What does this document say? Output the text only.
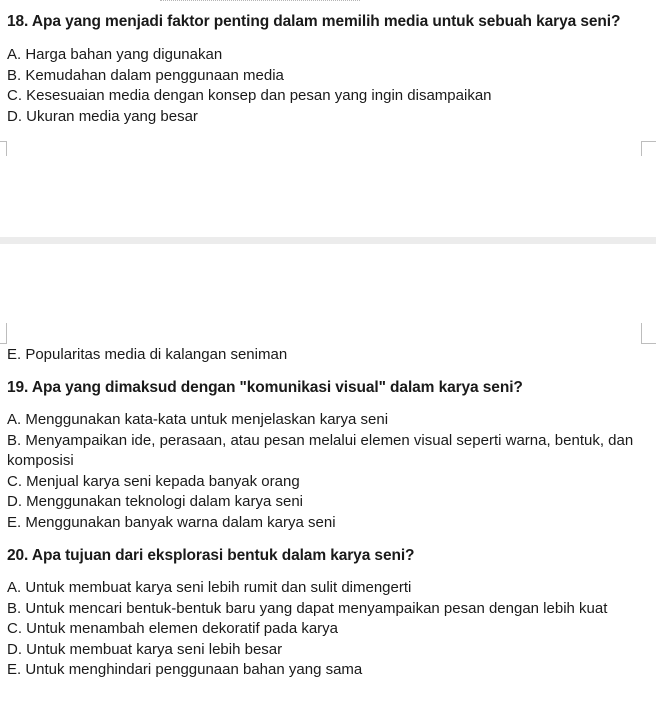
18. Apa yang menjadi faktor penting dalam memilih media untuk sebuah karya seni?

A. Harga bahan yang digunakan
B. Kemudahan dalam penggunaan media
C. Kesesuaian media dengan konsep dan pesan yang ingin disampaikan
D. Ukuran media yang besar
E. Popularitas media di kalangan seniman

19. Apa yang dimaksud dengan "komunikasi visual" dalam karya seni?

A. Menggunakan kata-kata untuk menjelaskan karya seni
B. Menyampaikan ide, perasaan, atau pesan melalui elemen visual seperti warna, bentuk, dan komposisi
C. Menjual karya seni kepada banyak orang
D. Menggunakan teknologi dalam karya seni
E. Menggunakan banyak warna dalam karya seni

20. Apa tujuan dari eksplorasi bentuk dalam karya seni?

A. Untuk membuat karya seni lebih rumit dan sulit dimengerti
B. Untuk mencari bentuk-bentuk baru yang dapat menyampaikan pesan dengan lebih kuat
C. Untuk menambah elemen dekoratif pada karya
D. Untuk membuat karya seni lebih besar
E. Untuk menghindari penggunaan bahan yang sama
